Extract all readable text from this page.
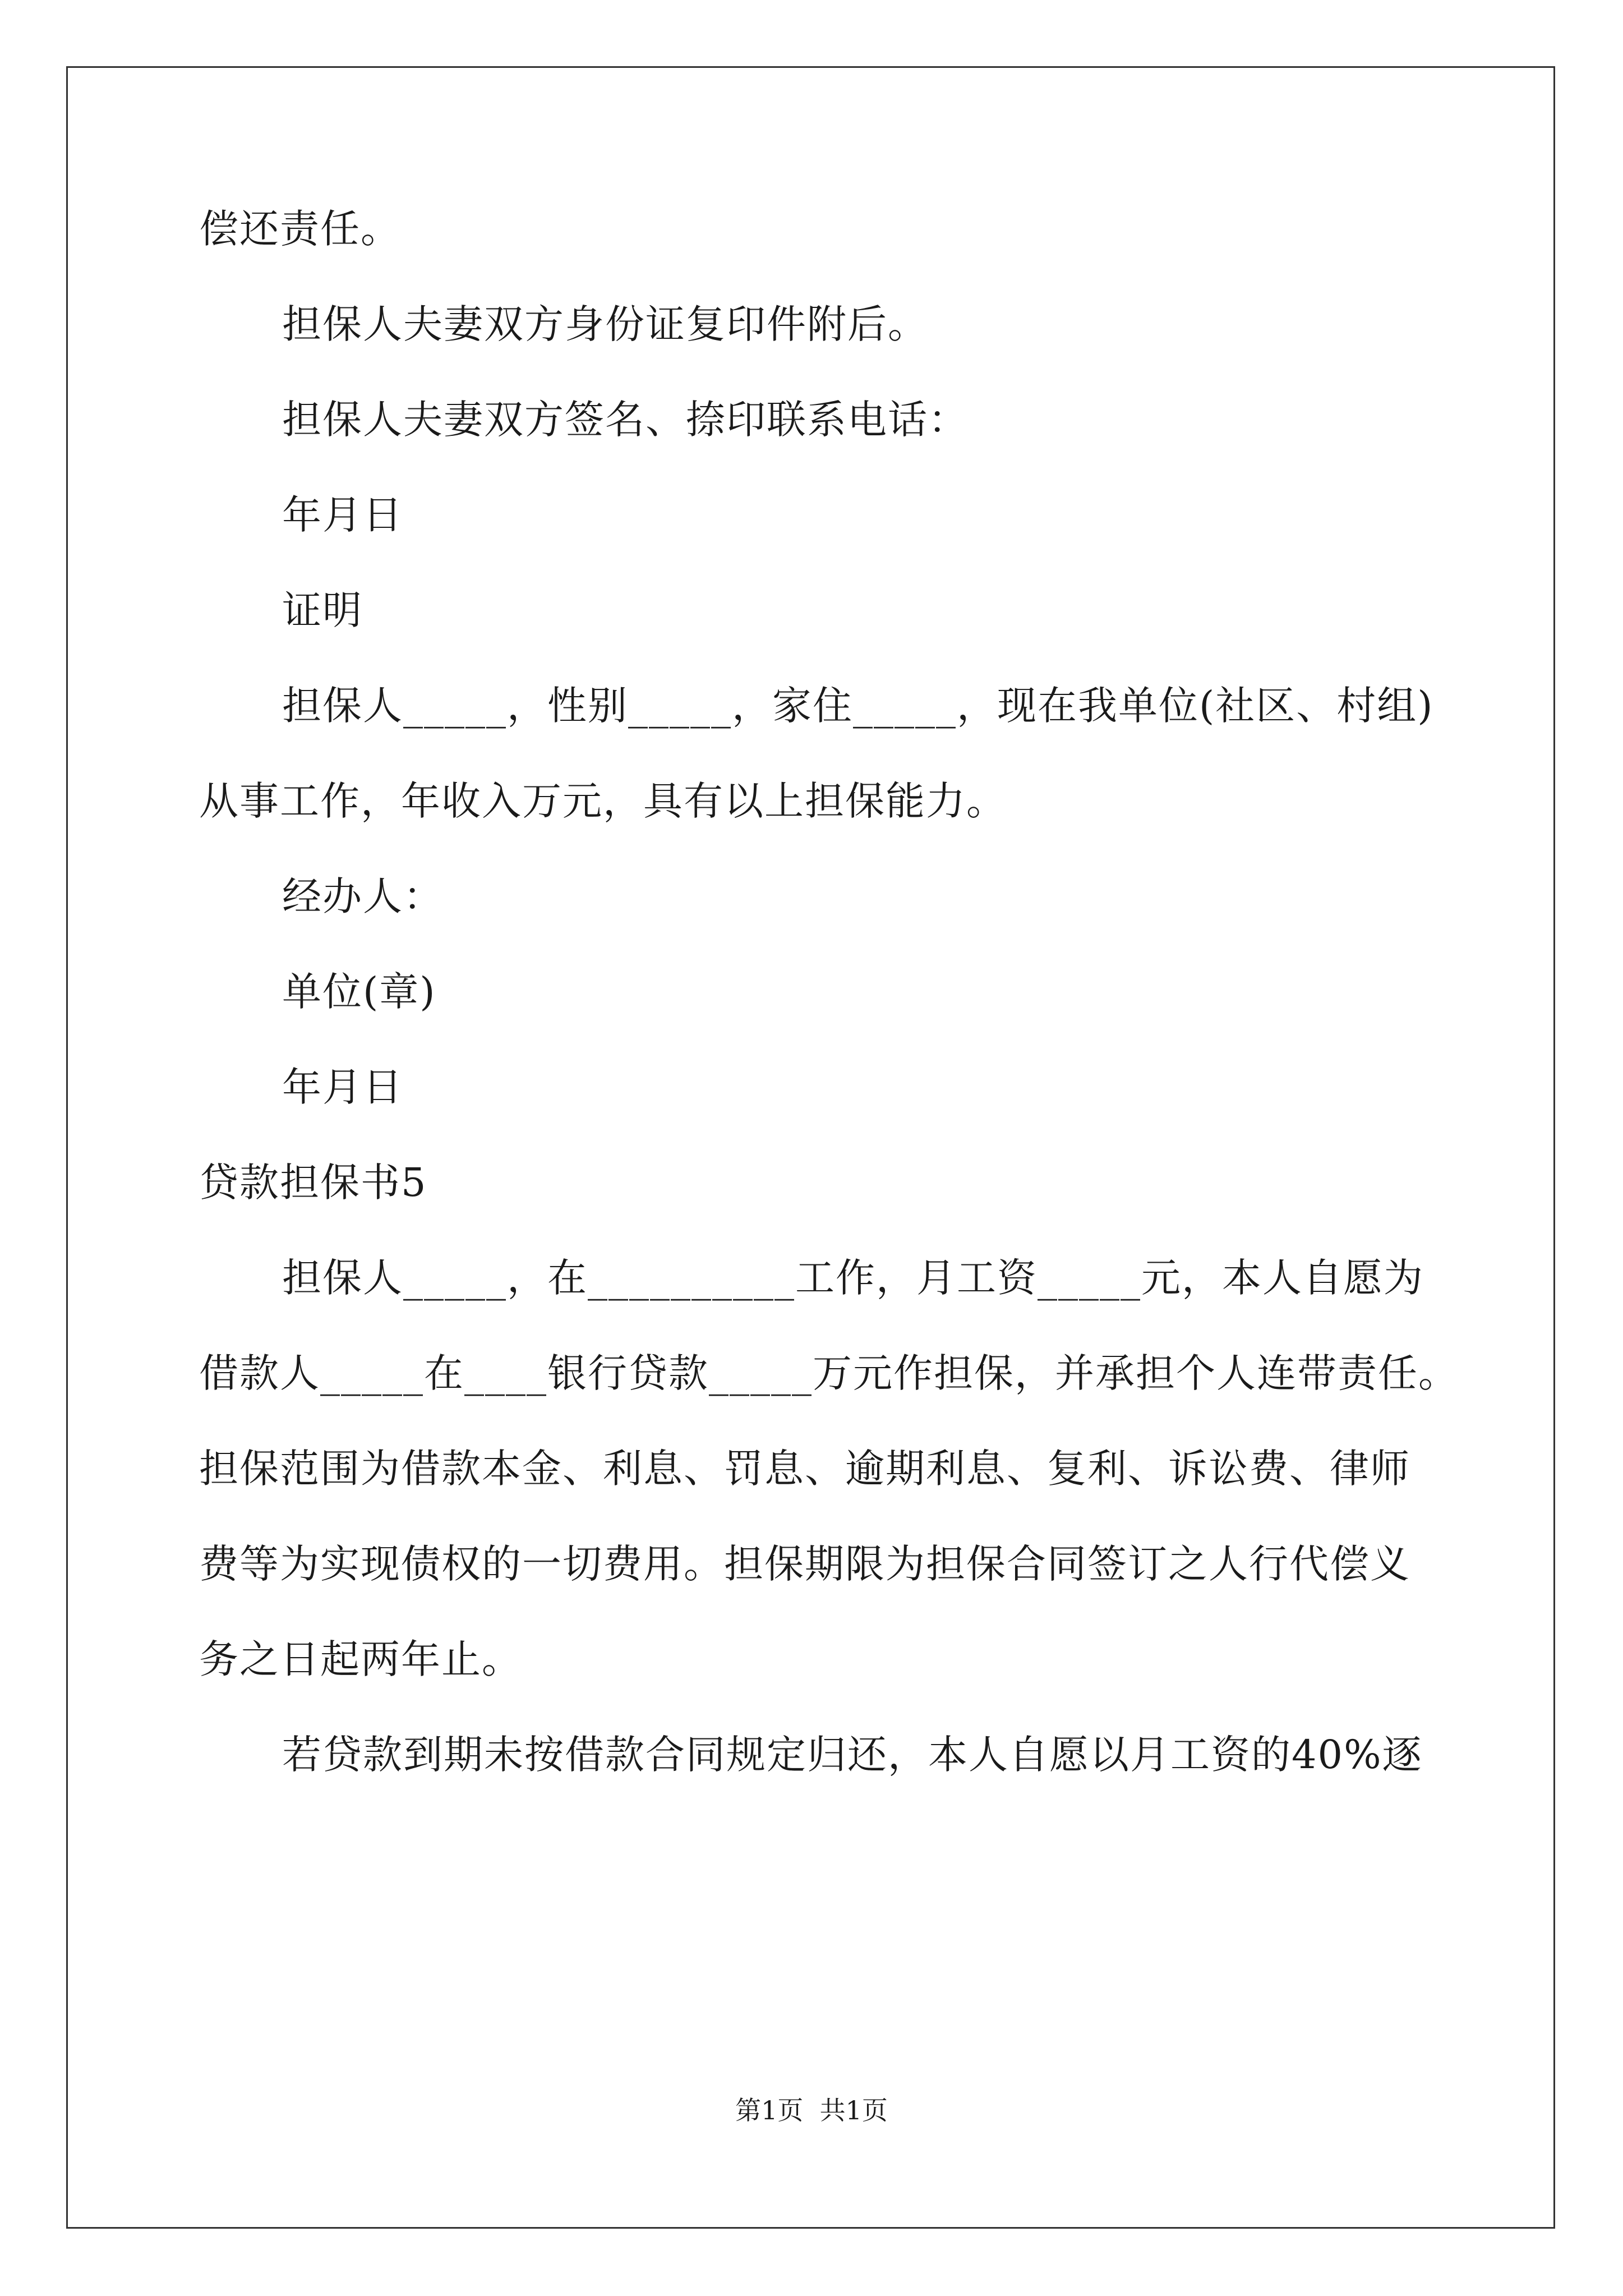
偿还责任。
担保人夫妻双方身份证复印件附后。
担保人夫妻双方签名、捺印联系电话：
年月日
证明
担保人_____，性别_____，家住_____，现在我单位(社区、村组)
从事工作，年收入万元，具有以上担保能力。
经办人：
单位(章)
年月日
贷款担保书5
担保人_____，在__________工作，月工资_____元，本人自愿为
借款人_____在____银行贷款_____万元作担保，并承担个人连带责任。
担保范围为借款本金、利息、罚息、逾期利息、复利、诉讼费、律师
费等为实现债权的一切费用。担保期限为担保合同签订之人行代偿义
务之日起两年止。
若贷款到期未按借款合同规定归还，本人自愿以月工资的40%逐
第1页  共1页
